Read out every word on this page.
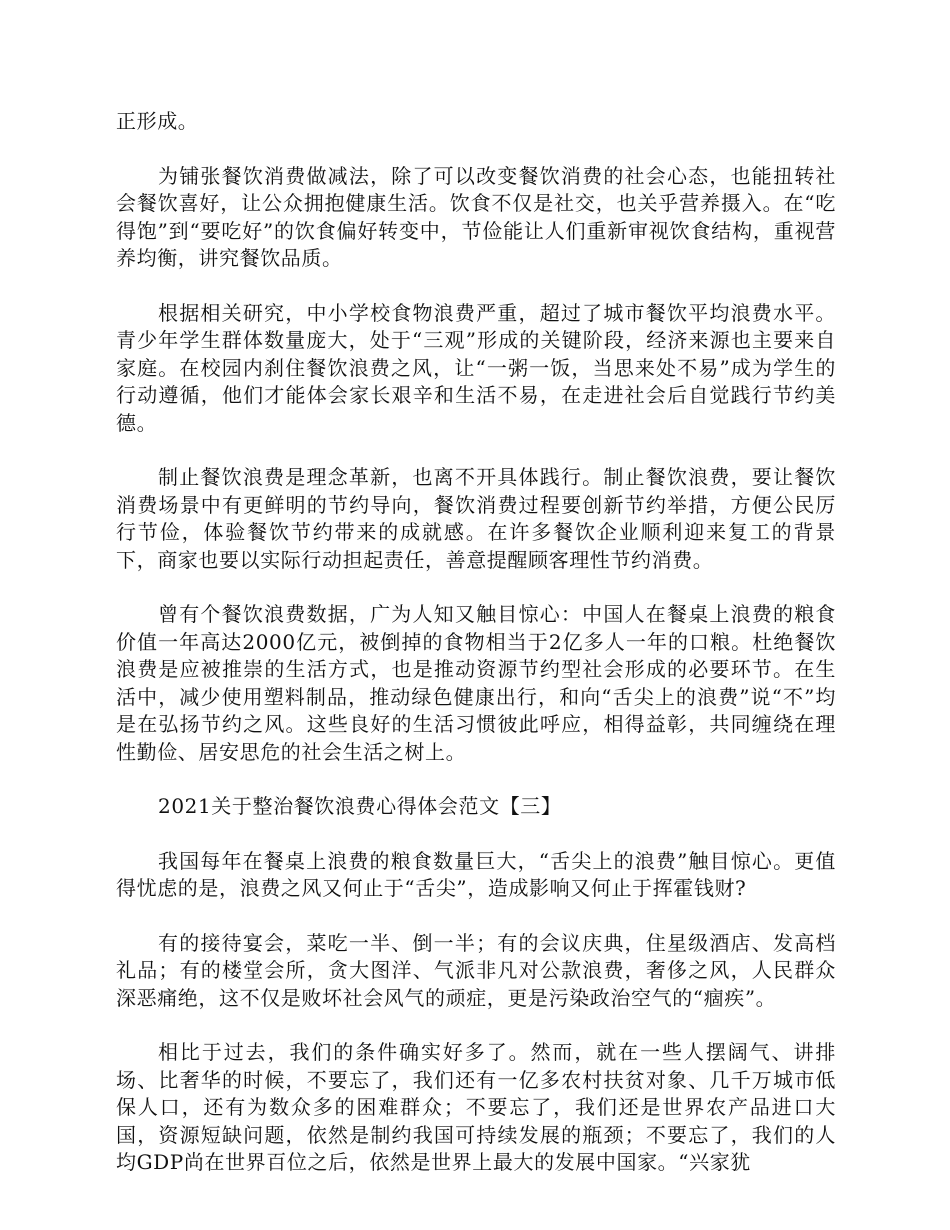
正形成。

为铺张餐饮消费做减法，除了可以改变餐饮消费的社会心态，也能扭转社会餐饮喜好，让公众拥抱健康生活。饮食不仅是社交，也关乎营养摄入。在“吃得饱”到“要吃好”的饮食偏好转变中，节俭能让人们重新审视饮食结构，重视营养均衡，讲究餐饮品质。

根据相关研究，中小学校食物浪费严重，超过了城市餐饮平均浪费水平。青少年学生群体数量庞大，处于“三观”形成的关键阶段，经济来源也主要来自家庭。在校园内刹住餐饮浪费之风，让“一粥一饭，当思来处不易”成为学生的行动遵循，他们才能体会家长艰辛和生活不易，在走进社会后自觉践行节约美德。

制止餐饮浪费是理念革新，也离不开具体践行。制止餐饮浪费，要让餐饮消费场景中有更鲜明的节约导向，餐饮消费过程要创新节约举措，方便公民厉行节俭，体验餐饮节约带来的成就感。在许多餐饮企业顺利迎来复工的背景下，商家也要以实际行动担起责任，善意提醒顾客理性节约消费。

曾有个餐饮浪费数据，广为人知又触目惊心：中国人在餐桌上浪费的粮食价值一年高达2000亿元，被倒掉的食物相当于2亿多人一年的口粮。杜绝餐饮浪费是应被推崇的生活方式，也是推动资源节约型社会形成的必要环节。在生活中，减少使用塑料制品，推动绿色健康出行，和向“舌尖上的浪费”说“不”均是在弘扬节约之风。这些良好的生活习惯彼此呼应，相得益彰，共同缠绕在理性勤俭、居安思危的社会生活之树上。

2021关于整治餐饮浪费心得体会范文【三】

我国每年在餐桌上浪费的粮食数量巨大，“舌尖上的浪费”触目惊心。更值得忧虑的是，浪费之风又何止于“舌尖”，造成影响又何止于挥霍钱财?

有的接待宴会，菜吃一半、倒一半；有的会议庆典，住星级酒店、发高档礼品；有的楼堂会所，贪大图洋、气派非凡对公款浪费，奢侈之风，人民群众深恶痛绝，这不仅是败坏社会风气的顽症，更是污染政治空气的“痼疾”。

相比于过去，我们的条件确实好多了。然而，就在一些人摆阔气、讲排场、比奢华的时候，不要忘了，我们还有一亿多农村扶贫对象、几千万城市低保人口，还有为数众多的困难群众；不要忘了，我们还是世界农产品进口大国，资源短缺问题，依然是制约我国可持续发展的瓶颈；不要忘了，我们的人均GDP尚在世界百位之后，依然是世界上最大的发展中国家。“兴家犹
